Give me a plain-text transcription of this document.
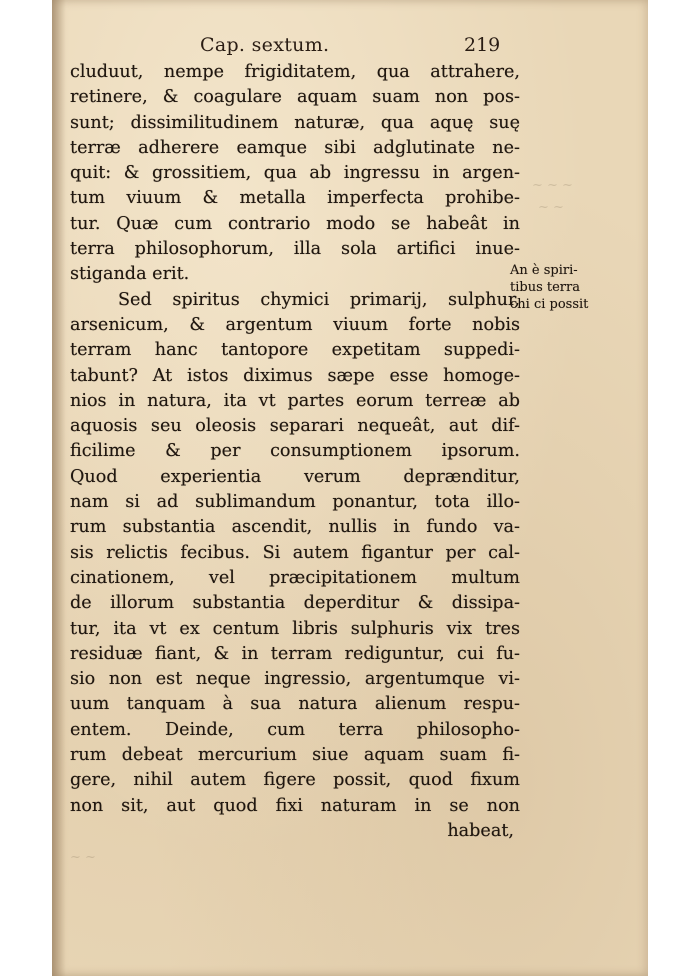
~ ~ ~
~ ~
~ ~
Cap. sextum.	219
cluduut, nempe frigiditatem, qua attrahere,
retinere, & coagulare aquam suam non pos-
sunt; dissimilitudinem naturæ, qua aquę suę
terræ adherere eamque sibi adglutinate ne-
quit: & grossitiem, qua ab ingressu in argen-
tum viuum & metalla imperfecta prohibe-
tur. Quæ cum contrario modo se habeât in
terra philosophorum, illa sola artifici inue-
stiganda erit.
Sed spiritus chymici primarij, sulphur,
arsenicum, & argentum viuum forte nobis
terram hanc tantopore expetitam suppedi-
tabunt? At istos diximus sæpe esse homoge-
nios in natura, ita vt partes eorum terreæ ab
aquosis seu oleosis separari nequeât, aut dif-
ficilime & per consumptionem ipsorum.
Quod experientia verum deprænditur,
nam si ad sublimandum ponantur, tota illo-
rum substantia ascendit, nullis in fundo va-
sis relictis fecibus. Si autem figantur per cal-
cinationem, vel præcipitationem multum
de illorum substantia deperditur & dissipa-
tur, ita vt ex centum libris sulphuris vix tres
residuæ fiant, & in terram rediguntur, cui fu-
sio non est neque ingressio, argentumque vi-
uum tanquam à sua natura alienum respu-
entem. Deinde, cum terra philosopho-
rum debeat mercurium siue aquam suam fi-
gere, nihil autem figere possit, quod fixum
non sit, aut quod fixi naturam in se non
habeat,
An è spiri-
tibus terra
chi ci possit
